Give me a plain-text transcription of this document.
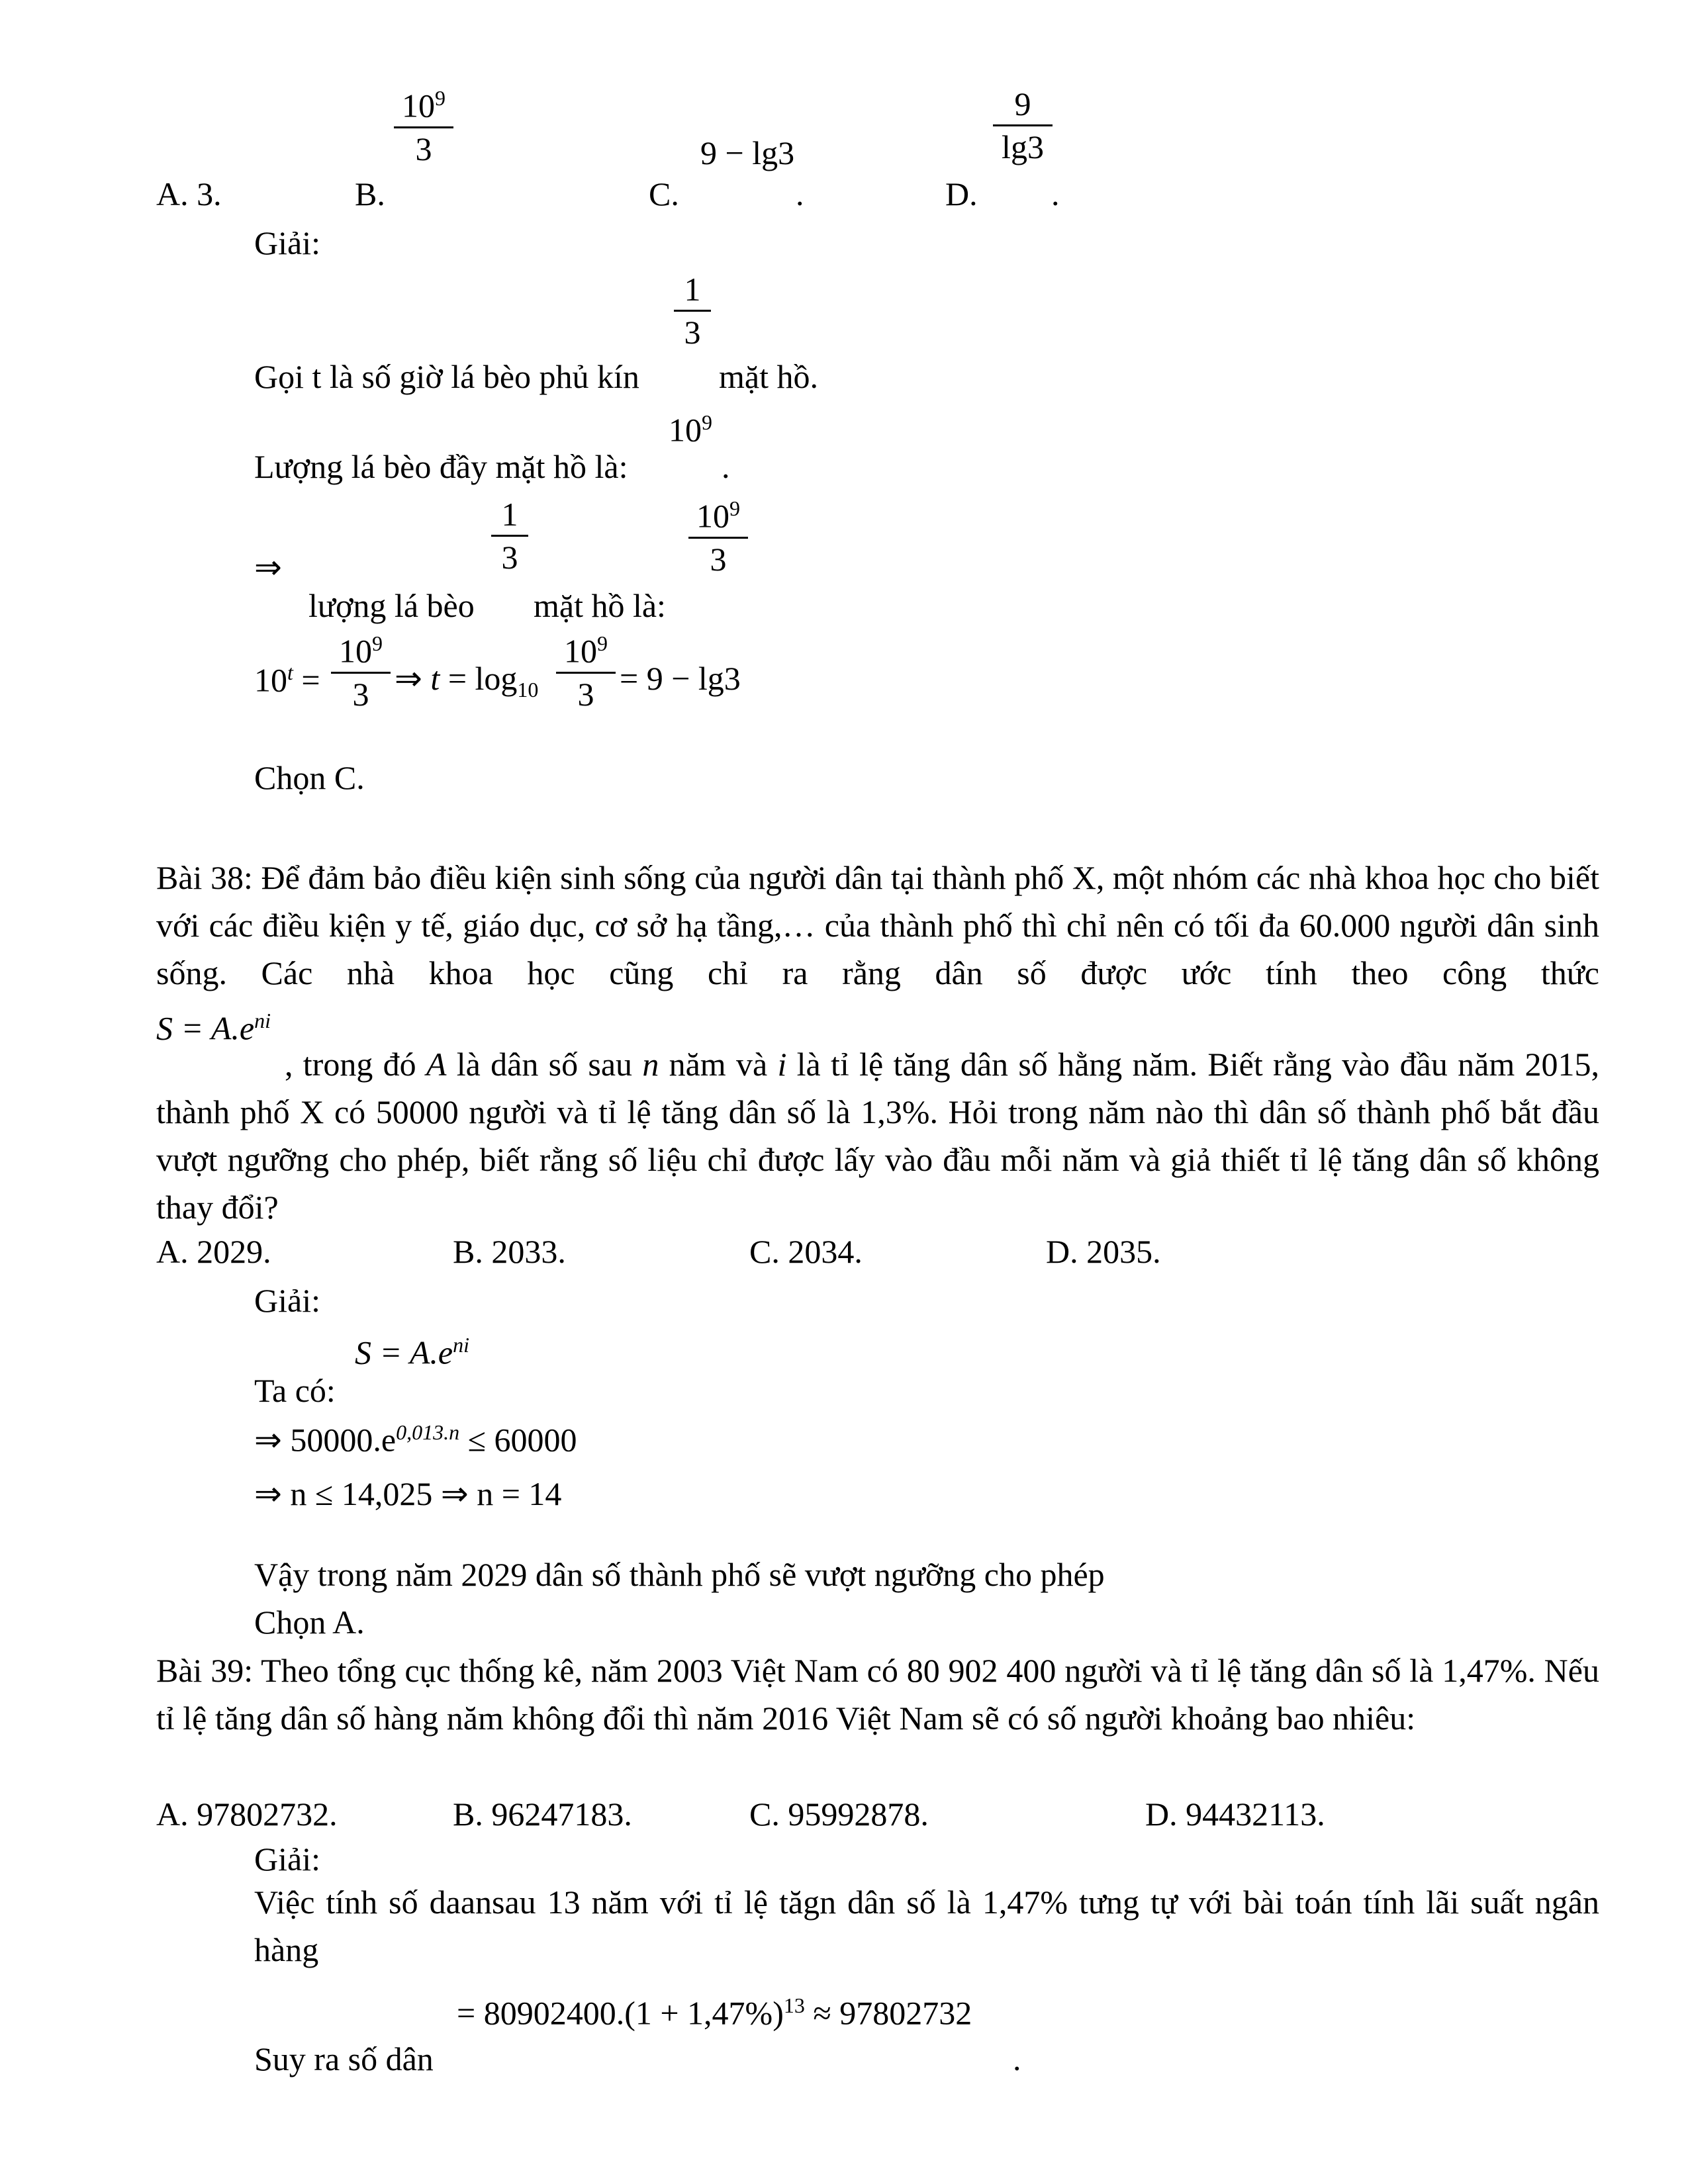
A. 3.	B.
$10^9$
3
C.
9 − lg3
.	D.
9
lg3
.
Giải:
Gọi t là số giờ lá bèo phủ kín
1
3
mặt hồ.
Lượng lá bèo đầy mặt hồ là:
$10^9$
.
⇒
1
3
$10^9$
3
lượng lá bèo mặt hồ là:
$10^t$ =
$10^9$
3 ⇒ $t = \log_{10}$
$10^9$
3 = 9 − lg3
Chọn C.
Bài 38: Để đảm bảo điều kiện sinh sống của người dân tại thành phố X, một nhóm các nhà khoa học cho biết với các điều kiện y tế, giáo dục, cơ sở hạ tầng,… của thành phố thì chỉ nên có tối đa 60.000 người dân sinh sống. Các nhà khoa học cũng chỉ ra rằng dân số được ước tính theo công thức
$S = A.e^{ni}$
, trong đó A là dân số sau n năm và i là tỉ lệ tăng dân số hằng năm. Biết rằng vào đầu năm 2015, thành phố X có 50000 người và tỉ lệ tăng dân số là 1,3%. Hỏi trong năm nào thì dân số thành phố bắt đầu vượt ngưỡng cho phép, biết rằng số liệu chỉ được lấy vào đầu mỗi năm và giả thiết tỉ lệ tăng dân số không thay đổi?
A. 2029.	B. 2033.	C. 2034.	D. 2035.
Giải:
$S = A.e^{ni}$
Ta có:
⇒ $50000.e^{0,013.n} \le 60000$
⇒ n ≤ 14,025 ⇒ n = 14
Vậy trong năm 2029 dân số thành phố sẽ vượt ngưỡng cho phép
Chọn A.
Bài 39: Theo tổng cục thống kê, năm 2003 Việt Nam có 80 902 400 người và tỉ lệ tăng dân số là 1,47%. Nếu tỉ lệ tăng dân số hàng năm không đổi thì năm 2016 Việt Nam sẽ có số người khoảng bao nhiêu:
A. 97802732.	B. 96247183.	C. 95992878.	D. 94432113.
Giải:
Việc tính số daansau 13 năm với tỉ lệ tăgn dân số là 1,47% tưng tự với bài toán tính lãi suất ngân hàng
= $80902400.(1 + 1,47\%)^{13} \approx 97802732$
Suy ra số dân	.
